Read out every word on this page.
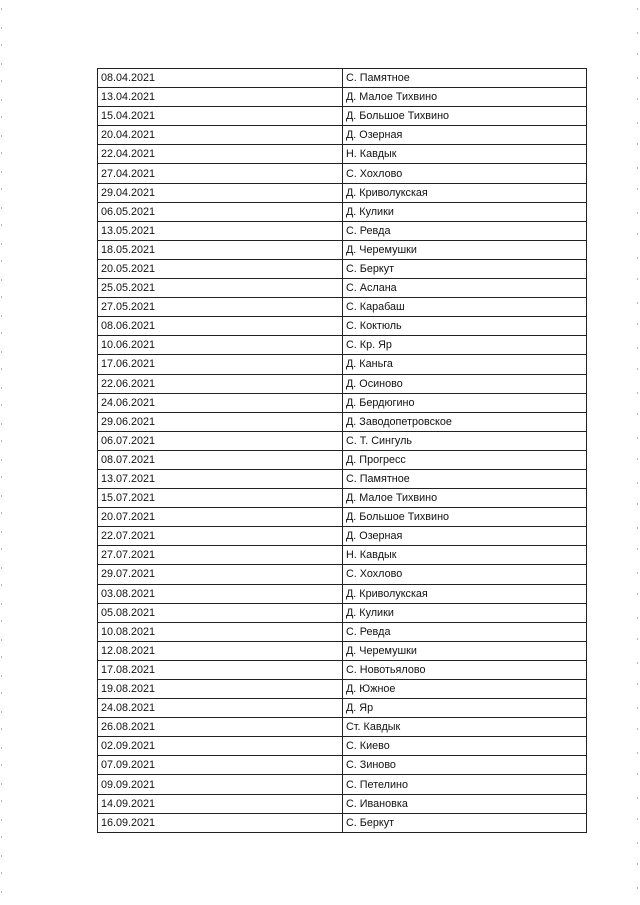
08.04.2021	С. Памятное
13.04.2021	Д. Малое Тихвино
15.04.2021	Д. Большое Тихвино
20.04.2021	Д. Озерная
22.04.2021	Н. Кавдык
27.04.2021	С. Хохлово
29.04.2021	Д. Криволукская
06.05.2021	Д. Кулики
13.05.2021	С. Ревда
18.05.2021	Д. Черемушки
20.05.2021	С. Беркут
25.05.2021	С. Аслана
27.05.2021	С. Карабаш
08.06.2021	С. Коктюль
10.06.2021	С. Кр. Яр
17.06.2021	Д. Каньга
22.06.2021	Д. Осиново
24.06.2021	Д. Бердюгино
29.06.2021	Д. Заводопетровское
06.07.2021	С. Т. Сингуль
08.07.2021	Д. Прогресс
13.07.2021	С. Памятное
15.07.2021	Д. Малое Тихвино
20.07.2021	Д. Большое Тихвино
22.07.2021	Д. Озерная
27.07.2021	Н. Кавдык
29.07.2021	С. Хохлово
03.08.2021	Д. Криволукская
05.08.2021	Д. Кулики
10.08.2021	С. Ревда
12.08.2021	Д. Черемушки
17.08.2021	С. Новотьялово
19.08.2021	Д. Южное
24.08.2021	Д. Яр
26.08.2021	Ст. Кавдык
02.09.2021	С. Киево
07.09.2021	С. Зиново
09.09.2021	С. Петелино
14.09.2021	С. Ивановка
16.09.2021	С. Беркут
